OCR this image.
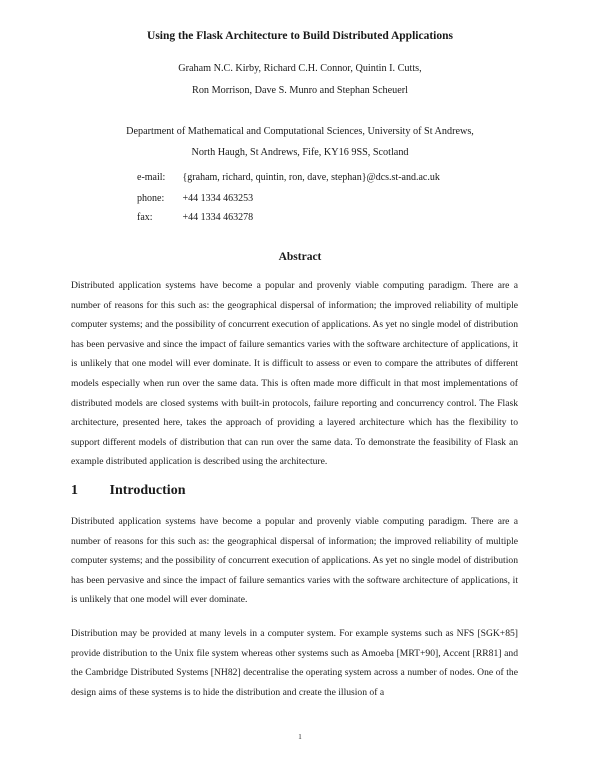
Using the Flask Architecture to Build Distributed Applications
Graham N.C. Kirby, Richard C.H. Connor, Quintin I. Cutts,
Ron Morrison, Dave S. Munro and Stephan Scheuerl
Department of Mathematical and Computational Sciences, University of St Andrews,
North Haugh, St Andrews, Fife, KY16 9SS, Scotland
e-mail: {graham, richard, quintin, ron, dave, stephan}@dcs.st-and.ac.uk
phone: +44 1334 463253
fax:	+44 1334 463278
Abstract

Distributed application systems have become a popular and provenly viable computing paradigm. There are a number of reasons for this such as: the geographical dispersal of information; the improved reliability of multiple computer systems; and the possibility of concurrent execution of applications. As yet no single model of distribution has been pervasive and since the impact of failure semantics varies with the software architecture of applications, it is unlikely that one model will ever dominate. It is difficult to assess or even to compare the attributes of different models especially when run over the same data. This is often made more difficult in that most implementations of distributed models are closed systems with built-in protocols, failure reporting and concurrency control. The Flask architecture, presented here, takes the approach of providing a layered architecture which has the flexibility to support different models of distribution that can run over the same data. To demonstrate the feasibility of Flask an example distributed application is described using the architecture.

1 Introduction

Distributed application systems have become a popular and provenly viable computing paradigm. There are a number of reasons for this such as: the geographical dispersal of information; the improved reliability of multiple computer systems; and the possibility of concurrent execution of applications. As yet no single model of distribution has been pervasive and since the impact of failure semantics varies with the software architecture of applications, it is unlikely that one model will ever dominate.

Distribution may be provided at many levels in a computer system. For example systems such as NFS [SGK+85] provide distribution to the Unix file system whereas other systems such as Amoeba [MRT+90], Accent [RR81] and the Cambridge Distributed Systems [NH82] decentralise the operating system across a number of nodes. One of the design aims of these systems is to hide the distribution and create the illusion of a

1
